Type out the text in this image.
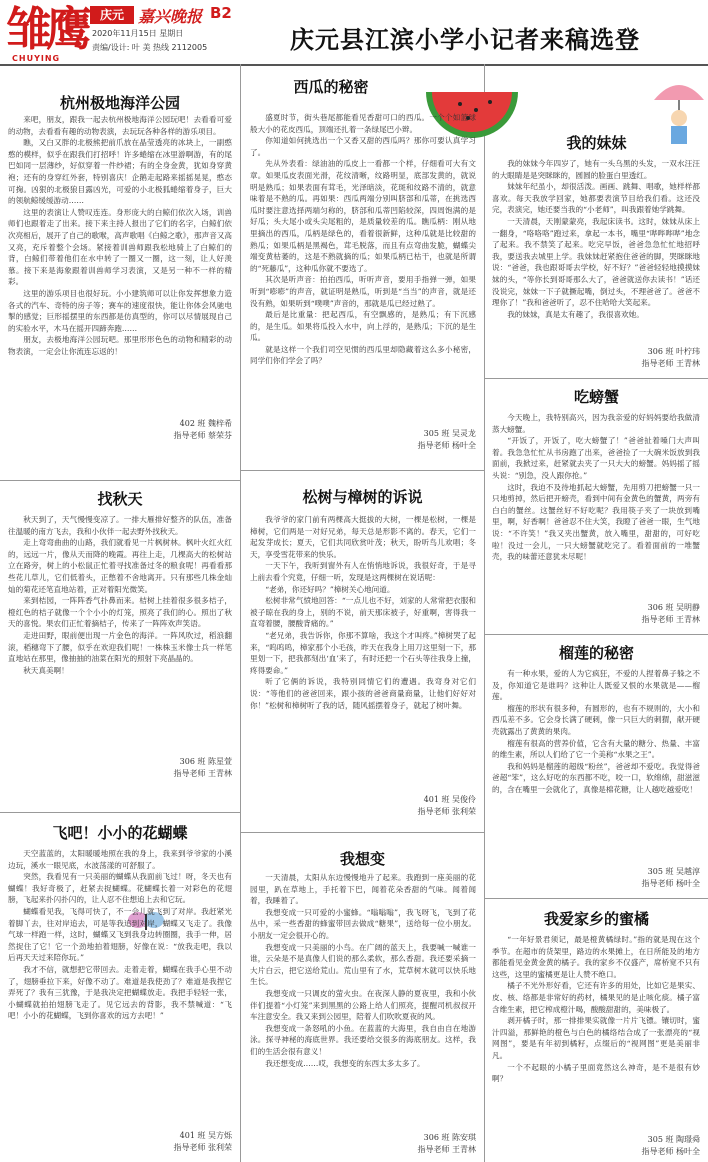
雏鹰
CHUYING
庆元 嘉兴晚报 B2
2020年11月15日 星期日
责编/设计: 叶 美 热线 2112005	庆元县江滨小学小记者来稿选登
杭州极地海洋公园

来吧，朋友，跟我一起去杭州极地海洋公园玩吧！去看看可爱的动物，去看看有趣的动物表演，去玩玩各种各样的游乐项目。

瞧，又白又胖的北极熊把前爪放在晶莹透亮的冰块上，一副憨憨的模样，似乎在跟我们打招呼！许多蜷缩在冰里游啊游，有的尾巴如同一层薄纱，好似穿着一件纱裙；有的全身金黄，犹如身穿黄袍；还有的身穿红外套，特别喜庆！企鹅走起路来摇摇晃晃，憨态可掬。凶狠的北极狼目露凶光，可爱的小北极狐蜷缩着身子，巨大的领航鲸缓缓游动……

这里的表演让人赞叹连连。身形庞大的白鲸们依次入场，训兽师们也跟着走了出来。接下来主持人报出了它们的名字，白鲸们依次亮相后，展开了自己的歌喉，高声歌唱《白鲸之歌》，那声音又高又亮，充斥着整个会场。紧接着训兽师跟我松地骑上了白鲸们的背，白鲸们带着他们在水中转了一圈又一圈，这一刻，让人好羡慕。接下来是海象跟着训兽师学习表演，又是另一种不一样的精彩。

这里的游乐项目也很好玩。小小建筑师可以让你发挥想象力造各式的汽车、奇特的房子等；赛车的速度很快，能让你体会风驰电掣的感觉；巨形摇摆里的东西都是仿真型的，你可以尽情展现自己的实验水平，木马在摇开四蹄奔跑……

朋友，去极地海洋公园玩吧。那里形形色色的动物和精彩的动物表演，一定会让你流连忘返的！

402 班 魏梓希
指导老师 蔡荣芬
找秋天

秋天到了，天气慢慢变凉了。一排大雁排好整齐的队伍，准备往温暖的南方飞去，我和小伙伴一起去野外找秋天。

走上弯弯曲曲的山路，我们就看见一片枫树林。枫叶火红火红的，远远一片，像从天而降的晚霞。再往上走，几棵高大的松树站立在路旁，树上的小松鼠正忙着寻找准备过冬的粮食呢！再看看那些花儿草儿，它们低着头，正憋着不舍地离开。只有那些几株金灿灿的菊花还笔直地站着，正对着阳光微笑。

来到桔园，一阵阵香气扑鼻而来。桔树上挂着很多很多桔子，橙红色的桔子就像一个个小小的灯笼，照亮了我们的心。照出了秋天的喜悦。果农们正忙着摘桔子，传来了一阵阵欢声笑语。

走进田野，眼前便出现一片金色的海洋。一阵风吹过，稻浪翻滚，稻穗弯下了腰，似乎在欢迎我们呢！一株株玉米像士兵一样笔直地站在那里，像抽抽的油菜在阳光的照射下亮晶晶的。

秋天真美啊！

306 班 陈星萱
指导老师 王青林
飞吧！小小的花蝴蝶

天空蓝蓝的，太阳暖暖地照在我的身上，我来到爷爷家的小溪边玩，溪水一眼见底，水波荡漾的可舒服了。

突然，我看见有一只美丽的蝴蝶从我面前飞过！呀，冬天也有蝴蝶！我好奇极了，赶紧去捉蝴蝶。花蝴蝶长着一对彩色的花翅膀，飞起来扑闪扑闪的，让人忍不住想追上去和它玩。

蝴蝶看见我，飞得可快了，不一会儿就飞到了对岸。我赶紧光着脚丫去，往对岸追去，可是等我追到对岸，蝴蝶又飞走了。我像气球一样跑一样，这时，蝴蝶又飞到我身边转圈圈，我手一伸，居然捉住了它！它一个劲地拍着翅膀，好像在说：“放我走吧，我以后再天天过来陪你玩。”

我才不信，就想把它带回去。走着走着，蝴蝶在我手心里不动了，翅膀垂拉下来，好像不动了。难道是我使劲了？难道是我捏它弄死了？我有三犹豫，于是我决定把蝴蝶放走。我把手轻轻一张，小蝴蝶就拍拍翅膀飞走了。见它远去的背影，我不禁喊道：“飞吧！小小的花蝴蝶，飞到你喜欢的远方去吧！”

401 班 吴方烁
指导老师 张利荣
西瓜的秘密

盛夏时节，街头巷尾都能看见香甜可口的西瓜。一个个如篮球般大小的花皮西瓜，顶端还扎着一条绿尾巴小辫。

你知道如何挑选出一个又香又甜的西瓜吗？那你可要认真学习了。

先从外表看：绿油油的瓜皮上一看都一个样，仔细看可大有文章。如果瓜皮表面光滑，花纹清晰，纹路明显，底部发黄的，就说明是熟瓜；如果表面有茸毛，光泽暗淡，花斑和纹路不清的，就意味着是不熟的瓜。再如果：西瓜两端分别叫脐部和瓜蒂，在挑选西瓜时要注意选择两端匀称的，脐部和瓜蒂凹陷较深，四周饱满的是好瓜；头大尾小或头尖尾粗的，是质量较差的瓜。瞧瓜柄：刚从地里摘出的西瓜，瓜柄是绿色的，看着很新鲜，这种瓜就是比较甜的熟瓜；如果瓜柄是黑褐色，茸毛脱落，而且有点弯曲发脆，蝴蝶尖端变黄枯萎的，这是不熟就摘的瓜；如果瓜柄已枯干，也就是所谓的“死藤瓜”，这种瓜你就不要选了。

其次是听声音：拍拍西瓜，听听声音，要用手指弹一弹，如果听到“嘭嘭”的声音，就证明是熟瓜，听到是“当当”的声音，就是还没有熟，如果听到“噗噗”声音的，那就是瓜已经过熟了。

最后是比重量：把起西瓜，有空飘感的，是熟瓜；有下沉感的，是生瓜。如果将瓜投入水中，向上浮的，是熟瓜；下沉的是生瓜。

就是这样一个我们司空见惯的西瓜里却隐藏着这么多小秘密，同学们你们学会了吗？

305 班 吴灵龙
指导老师 杨叶全
松树与樟树的诉说

我爷爷的家门前有两棵高大挺拔的大树，一棵是松树，一棵是樟树，它们两是一对好兄弟，每天总是形影不离的。春天，它们一起发芽成长；夏天，它们共同欣赏叶茂；秋天，盼听鸟儿欢唱；冬天，享受雪花带来的快乐。

一天下午，我听到窗外有人在悄悄地诉说，我很好奇，于是寻上前去看个究竟，仔细一听，发现是这两棵树在说话呢：

“老弟，你还好吗？”樟树关心地问道。

松树非常气愤地回答：“一点儿也不好，刘家的人常常把衣服和被子晾在我的身上，别的不说，前天那床被子，好重啊，害得我一直弯着腰，腰酸背痛的。”

“老兄弟，我告诉你，你那不算啥，我这个才叫疼。”樟树哭了起来，“呜呜呜，樟家那个小毛孩，昨天在我身上用刀这里刻一下，那里划一下，把我都刻出‘血’来了，有时还把一个石头等往我身上撞，疼得要命。”

听了它俩的诉说，我特别同情它们的遭遇。我弯身对它们说：“等他们的爸爸回来，跟小孩的爸爸商量商量，让他们好好对你！”松树和樟树听了我的话，随风摇摆着身子，就起了树叶舞。

401 班 吴俊伶
指导老师 张利荣
我想变

一天清晨，太阳从东边慢慢地升了起来。我跑到一座美丽的花园里，趴在草地上，手托着下巴，闻着花朵香甜的气味。闻着闻着，我睡着了。

我想变成一只可爱的小蜜蜂。“嗡嗡嗡”，我飞呀飞，飞到了花丛中，采一些香甜的蜂蜜带回去做成“糖果”，送给每一位小朋友。小朋友一定会很开心的。

我想变成一只美丽的小鸟。在广阔的蓝天上，我要喊一喊谁一谁，云朵是不是真像人们说的那么柔软，那么香甜。我还要采摘一大片白云，把它送给荒山。荒山里有了水，荒草树木就可以快乐地生长。

我想变成一只调皮的萤火虫。在夜深人静的夏夜里，我和小伙伴们提着“小灯笼”来到黑黑的公路上给人们照亮，提醒司机叔叔开车注意安全。我又来到公园里，陪着人们吹吹夏夜的风。

我想变成一条怒吼的小鱼。在蓝蓝的大海里，我自由自在地游泳。探寻神秘的海底世界。我还要给交很多的海底朋友。这样，我们的生活会很有意义！

我还想变成……哎，我想变的东西太多太多了。

306 班 陈安琪
指导老师 王青林
我的妹妹

我的妹妹今年四岁了，她有一头乌黑的头发，一双水汪汪的大眼睛是是突眯眯的，圆圆的脸蛋白里透红。

妹妹年纪虽小，却很活泼。画画、跳舞、唱歌，她样样都喜欢。每天我放学回家，她都要表演节目给我们看。这还没完，表演完，她还要当我的“小老师”，叫我跟着她学跳舞。

一天清晨，天刚蒙蒙亮，我起床读书。这时，妹妹从床上一翻身，“咯咯咯”跑过来，拿起一本书，嘴里“哔哔哔哔”地念了起来。我不禁笑了起来。吃完早饭，爸爸急急忙忙地招呼我，要送我去城里上学。我妹妹赶紧抱住爸爸的脚，哭眯眯地说：“爸爸，我也跟哥哥去学校，好不好？”爸爸轻轻地摸摸妹妹的头，“等你长到哥哥那么大了，爸爸就送你去读书！”话还没说完，妹妹一下子就撅起嘴，倒过头，不理爸爸了。爸爸不理你了！”我和爸爸听了，忍不住哈哈大笑起来。

我的妹妹，真是太有趣了，我很喜欢她。

306 班 叶柠玮
指导老师 王青林
吃螃蟹

今天晚上，我特别高兴，因为我亲爱的好妈妈要给我做清蒸大螃蟹。

“开饭了，开饭了，吃大螃蟹了！”爸爸扯着嗓门大声叫着。我急急忙忙从书房跑了出来，爸爸捡了一大碗米饭放到我面前，我掀过来，赶紧就去夹了一只大大的螃蟹。妈妈摇了摇头说：“别急，没人跟你抢。”

这时，我迫不及待地抓起大螃蟹，先用剪刀把螃蟹一只一只地剪掉，然后把开螃壳，看到中间有金黄色的蟹黄，两旁有白白的蟹丝。这蟹丝好不好吃呢？我用筷子夹了一块放到嘴里，啊，好香啊！爸爸忍不住大笑，我瞪了爸爸一眼，生气地说：“不许笑！”我又夹出蟹黄，放入嘴里，甜甜的，可好吃啦！没过一会儿，一只大螃蟹就吃完了。看着面前的一堆蟹壳，我的味蕾还意犹未尽呢！

306 班 吴明静
指导老师 王青林
榴莲的秘密

有一种水果，爱的人为它疯狂，不爱的人捏着鼻子躲之不及，你知道它是谁吗？这种让人既爱又恨的水果就是——榴莲。

榴莲的形状有很多种，有圆形的，也有不规则的，大小和西瓜差不多。它会身长满了硬刺，像一只巨大的刺猬，献开硬壳就露出了黄黄的果肉。

榴莲有很高的营养价值，它含有大量的糖分、热量、丰富的维生素，所以人们给了它一个美称“水果之王”。

我和妈妈是榴莲的超级“粉丝”，爸爸却不爱吃。我觉得爸爸超“笨”，这么好吃的东西都不吃，咬一口，软绵绵，甜滋滋的，含在嘴里一会就化了，真像是棉花糖，让人越吃越爱吃！

305 班 吴越淳
指导老师 杨叶全
我爱家乡的蜜橘

“一年好景君须记，最是橙黄橘绿时。”指的就是现在这个季节。在超市的货架里，路边的水果摊上，在日所能及的地方都能看见金黄金黄的橘子。我的家乡不仅盛产，席桥宽不只有这些，这里的蜜橘更是让人赞不绝口。

橘子不光外形好看，它还有许多的用处，比如它是果实、皮、核、络都是非常好的药材，橘果见的是止咳化痰。橘子富含维生素，把它榨成橙汁喝，酸酸甜甜的，美味极了。

剥开橘子时，那一排排果实就像一片片飞镖。镶切时，蜜汁四溢，那鲜艳的橙色与白色的橘络结合成了一张漂亮的“视网图”，要是有年初到橘籽，点缀后的“视网图”更是美丽非凡。

一个不起眼的小橘子里面竟然这么神奇，是不是很有妙啊？

305 班 陶璟舜
指导老师 杨叶全
